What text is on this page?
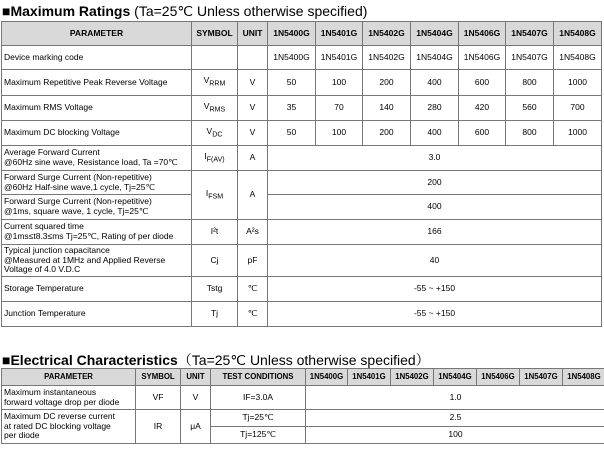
■Maximum Ratings (Ta=25℃ Unless otherwise specified)
PARAMETER	SYMBOL	UNIT	1N5400G	1N5401G	1N5402G	1N5404G	1N5406G	1N5407G	1N5408G
Device marking code			1N5400G	1N5401G	1N5402G	1N5404G	1N5406G	1N5407G	1N5408G
Maximum Repetitive Peak Reverse Voltage	$V_{RRM}$	V	50	100	200	400	600	800	1000
Maximum RMS Voltage	$V_{RMS}$	V	35	70	140	280	420	560	700
Maximum DC blocking Voltage	$V_{DC}$	V	50	100	200	400	600	800	1000

Average Forward Current
@60Hz sine wave, Resistance load, Ta =70℃	$I_{F(AV)}$	A	3.0						

Forward Surge Current (Non-repetitive)
@60Hz Half-sine wave,1 cycle, Tj=25℃	$I_{FSM}$	A	200						

Forward Surge Current (Non-repetitive)
@1ms, square wave, 1 cycle, Tj=25℃			400						

Current squared time
@1ms≤t8.3≤ms Tj=25℃, Rating of per diode	I²t	A²s	166						

Typical junction capacitance
@Measured at 1MHz and Applied Reverse
Voltage of 4.0 V.D.C	Cj	pF	40						
Storage Temperature	Tstg	℃	-55 ~ +150						
Junction Temperature	Tj	℃	-55 ~ +150						
■Electrical Characteristics（Ta=25℃ Unless otherwise specified）
PARAMETER	SYMBOL	UNIT	TEST CONDITIONS	1N5400G	1N5401G	1N5402G	1N5404G	1N5406G	1N5407G	1N5408G

Maximum instantaneous
forward voltage drop per diode	VF	V	IF=3.0A	1.0						

Maximum DC reverse current
at rated DC blocking voltage
per diode	IR	μA	Tj=25℃	2.5						
			Tj=125℃	100						
